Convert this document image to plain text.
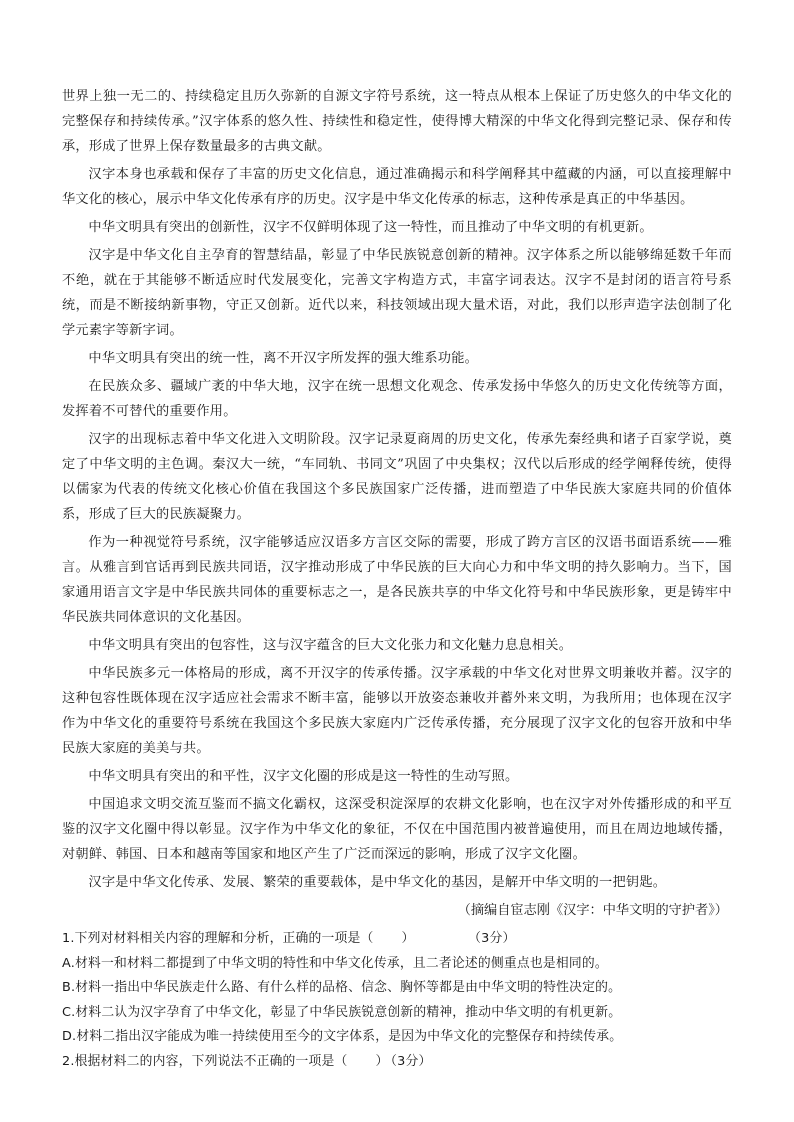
世界上独一无二的、持续稳定且历久弥新的自源文字符号系统，这一特点从根本上保证了历史悠久的中华文化的完整保存和持续传承。”汉字体系的悠久性、持续性和稳定性，使得博大精深的中华文化得到完整记录、保存和传承，形成了世界上保存数量最多的古典文献。

汉字本身也承载和保存了丰富的历史文化信息，通过准确揭示和科学阐释其中蕴藏的内涵，可以直接理解中华文化的核心，展示中华文化传承有序的历史。汉字是中华文化传承的标志，这种传承是真正的中华基因。

中华文明具有突出的创新性，汉字不仅鲜明体现了这一特性，而且推动了中华文明的有机更新。

汉字是中华文化自主孕育的智慧结晶，彰显了中华民族锐意创新的精神。汉字体系之所以能够绵延数千年而不绝，就在于其能够不断适应时代发展变化，完善文字构造方式，丰富字词表达。汉字不是封闭的语言符号系统，而是不断接纳新事物，守正又创新。近代以来，科技领域出现大量术语，对此，我们以形声造字法创制了化学元素字等新字词。

中华文明具有突出的统一性，离不开汉字所发挥的强大维系功能。

在民族众多、疆域广袤的中华大地，汉字在统一思想文化观念、传承发扬中华悠久的历史文化传统等方面，发挥着不可替代的重要作用。

汉字的出现标志着中华文化进入文明阶段。汉字记录夏商周的历史文化，传承先秦经典和诸子百家学说，奠定了中华文明的主色调。秦汉大一统，“车同轨、书同文”巩固了中央集权；汉代以后形成的经学阐释传统，使得以儒家为代表的传统文化核心价值在我国这个多民族国家广泛传播，进而塑造了中华民族大家庭共同的价值体系，形成了巨大的民族凝聚力。

作为一种视觉符号系统，汉字能够适应汉语多方言区交际的需要，形成了跨方言区的汉语书面语系统——雅言。从雅言到官话再到民族共同语，汉字推动形成了中华民族的巨大向心力和中华文明的持久影响力。当下，国家通用语言文字是中华民族共同体的重要标志之一，是各民族共享的中华文化符号和中华民族形象，更是铸牢中华民族共同体意识的文化基因。

中华文明具有突出的包容性，这与汉字蕴含的巨大文化张力和文化魅力息息相关。

中华民族多元一体格局的形成，离不开汉字的传承传播。汉字承载的中华文化对世界文明兼收并蓄。汉字的这种包容性既体现在汉字适应社会需求不断丰富，能够以开放姿态兼收并蓄外来文明，为我所用；也体现在汉字作为中华文化的重要符号系统在我国这个多民族大家庭内广泛传承传播，充分展现了汉字文化的包容开放和中华民族大家庭的美美与共。

中华文明具有突出的和平性，汉字文化圈的形成是这一特性的生动写照。

中国追求文明交流互鉴而不搞文化霸权，这深受积淀深厚的农耕文化影响，也在汉字对外传播形成的和平互鉴的汉字文化圈中得以彰显。汉字作为中华文化的象征，不仅在中国范围内被普遍使用，而且在周边地域传播，对朝鲜、韩国、日本和越南等国家和地区产生了广泛而深远的影响，形成了汉字文化圈。

汉字是中华文化传承、发展、繁荣的重要载体，是中华文化的基因，是解开中华文明的一把钥匙。

（摘编自宦志刚《汉字：中华文明的守护者》）

1.下列对材料相关内容的理解和分析，正确的一项是（ ）	（3分）

A.材料一和材料二都提到了中华文明的特性和中华文化传承，且二者论述的侧重点也是相同的。

B.材料一指出中华民族走什么路、有什么样的品格、信念、胸怀等都是由中华文明的特性决定的。

C.材料二认为汉字孕育了中华文化，彰显了中华民族锐意创新的精神，推动中华文明的有机更新。

D.材料二指出汉字能成为唯一持续使用至今的文字体系，是因为中华文化的完整保存和持续传承。

2.根据材料二的内容，下列说法不正确的一项是（ ） （3分）
